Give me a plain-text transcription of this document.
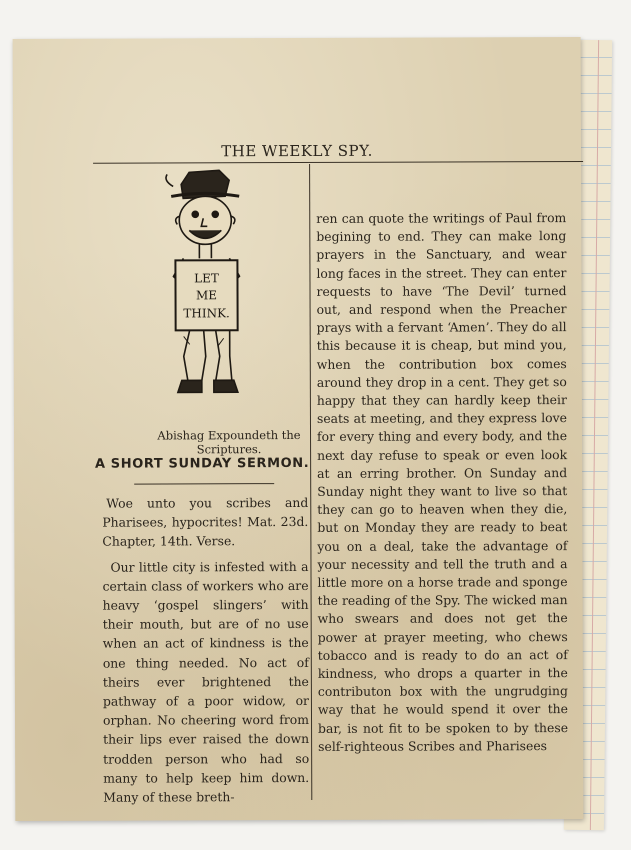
THE WEEKLY SPY.
LET
ME
THINK.
Abishag Expoundeth the Scriptures.
A SHORT SUNDAY SERMON.

Woe unto you scribes and Pharisees, hypocrites! Mat. 23d. Chapter, 14th. Verse.

Our little city is infested with a certain class of workers who are heavy ‘gospel slingers’ with their mouth, but are of no use when an act of kindness is the one thing needed. No act of theirs ever brightened the pathway of a poor widow, or orphan. No cheering word from their lips ever raised the down trodden person who had so many to help keep him down. Many of these breth-

ren can quote the writings of Paul from begining to end. They can make long prayers in the Sanctuary, and wear long faces in the street. They can enter requests to have ‘The Devil’ turned out, and respond when the Preacher prays with a fervant ‘Amen’. They do all this because it is cheap, but mind you, when the contribution box comes around they drop in a cent. They get so happy that they can hardly keep their seats at meeting, and they express love for every thing and every body, and the next day refuse to speak or even look at an erring brother. On Sunday and Sunday night they want to live so that they can go to heaven when they die, but on Monday they are ready to beat you on a deal, take the advantage of your necessity and tell the truth and a little more on a horse trade and sponge the reading of the Spy. The wicked man who swears and does not get the power at prayer meeting, who chews tobacco and is ready to do an act of kindness, who drops a quarter in the contributon box with the ungrudging way that he would spend it over the bar, is not fit to be spoken to by these self-righteous Scribes and Pharisees
